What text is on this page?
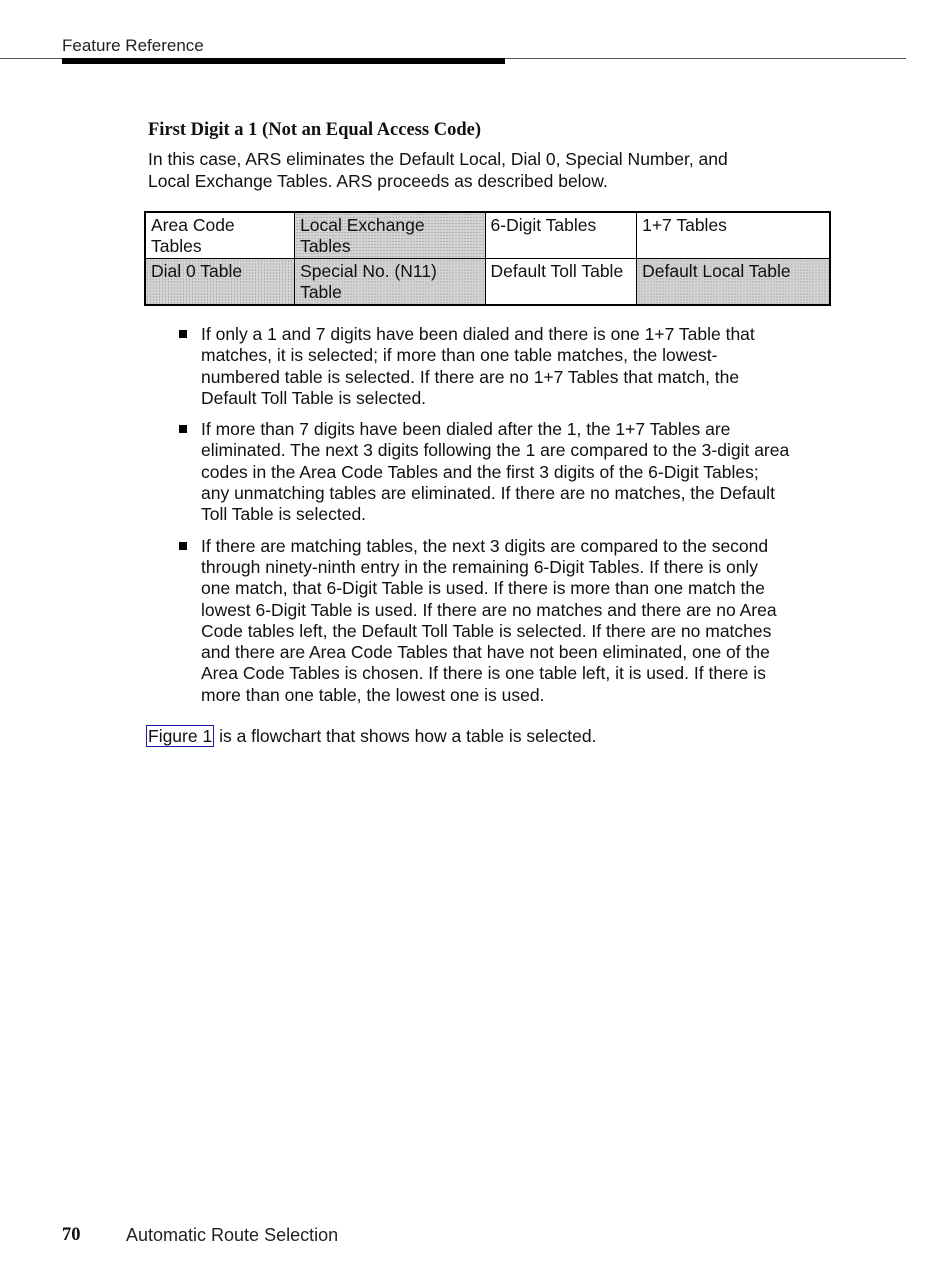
Feature Reference
First Digit a 1 (Not an Equal Access Code)

In this case, ARS eliminates the Default Local, Dial 0, Special Number, and Local Exchange Tables. ARS proceeds as described below.

Area Code Tables	Local Exchange Tables	6-Digit Tables	1+7 Tables
Dial 0 Table	Special No. (N11) Table	Default Toll Table	Default Local Table
If only a 1 and 7 digits have been dialed and there is one 1+7 Table that matches, it is selected; if more than one table matches, the lowest-numbered table is selected. If there are no 1+7 Tables that match, the Default Toll Table is selected.
If more than 7 digits have been dialed after the 1, the 1+7 Tables are eliminated. The next 3 digits following the 1 are compared to the 3-digit area codes in the Area Code Tables and the first 3 digits of the 6-Digit Tables; any unmatching tables are eliminated. If there are no matches, the Default Toll Table is selected.
If there are matching tables, the next 3 digits are compared to the second through ninety-ninth entry in the remaining 6-Digit Tables. If there is only one match, that 6-Digit Table is used. If there is more than one match the lowest 6-Digit Table is used. If there are no matches and there are no Area Code tables left, the Default Toll Table is selected. If there are no matches and there are Area Code Tables that have not been eliminated, one of the Area Code Tables is chosen. If there is one table left, it is used. If there is more than one table, the lowest one is used.
Figure 1 is a flowchart that shows how a table is selected.
70	Automatic Route Selection
